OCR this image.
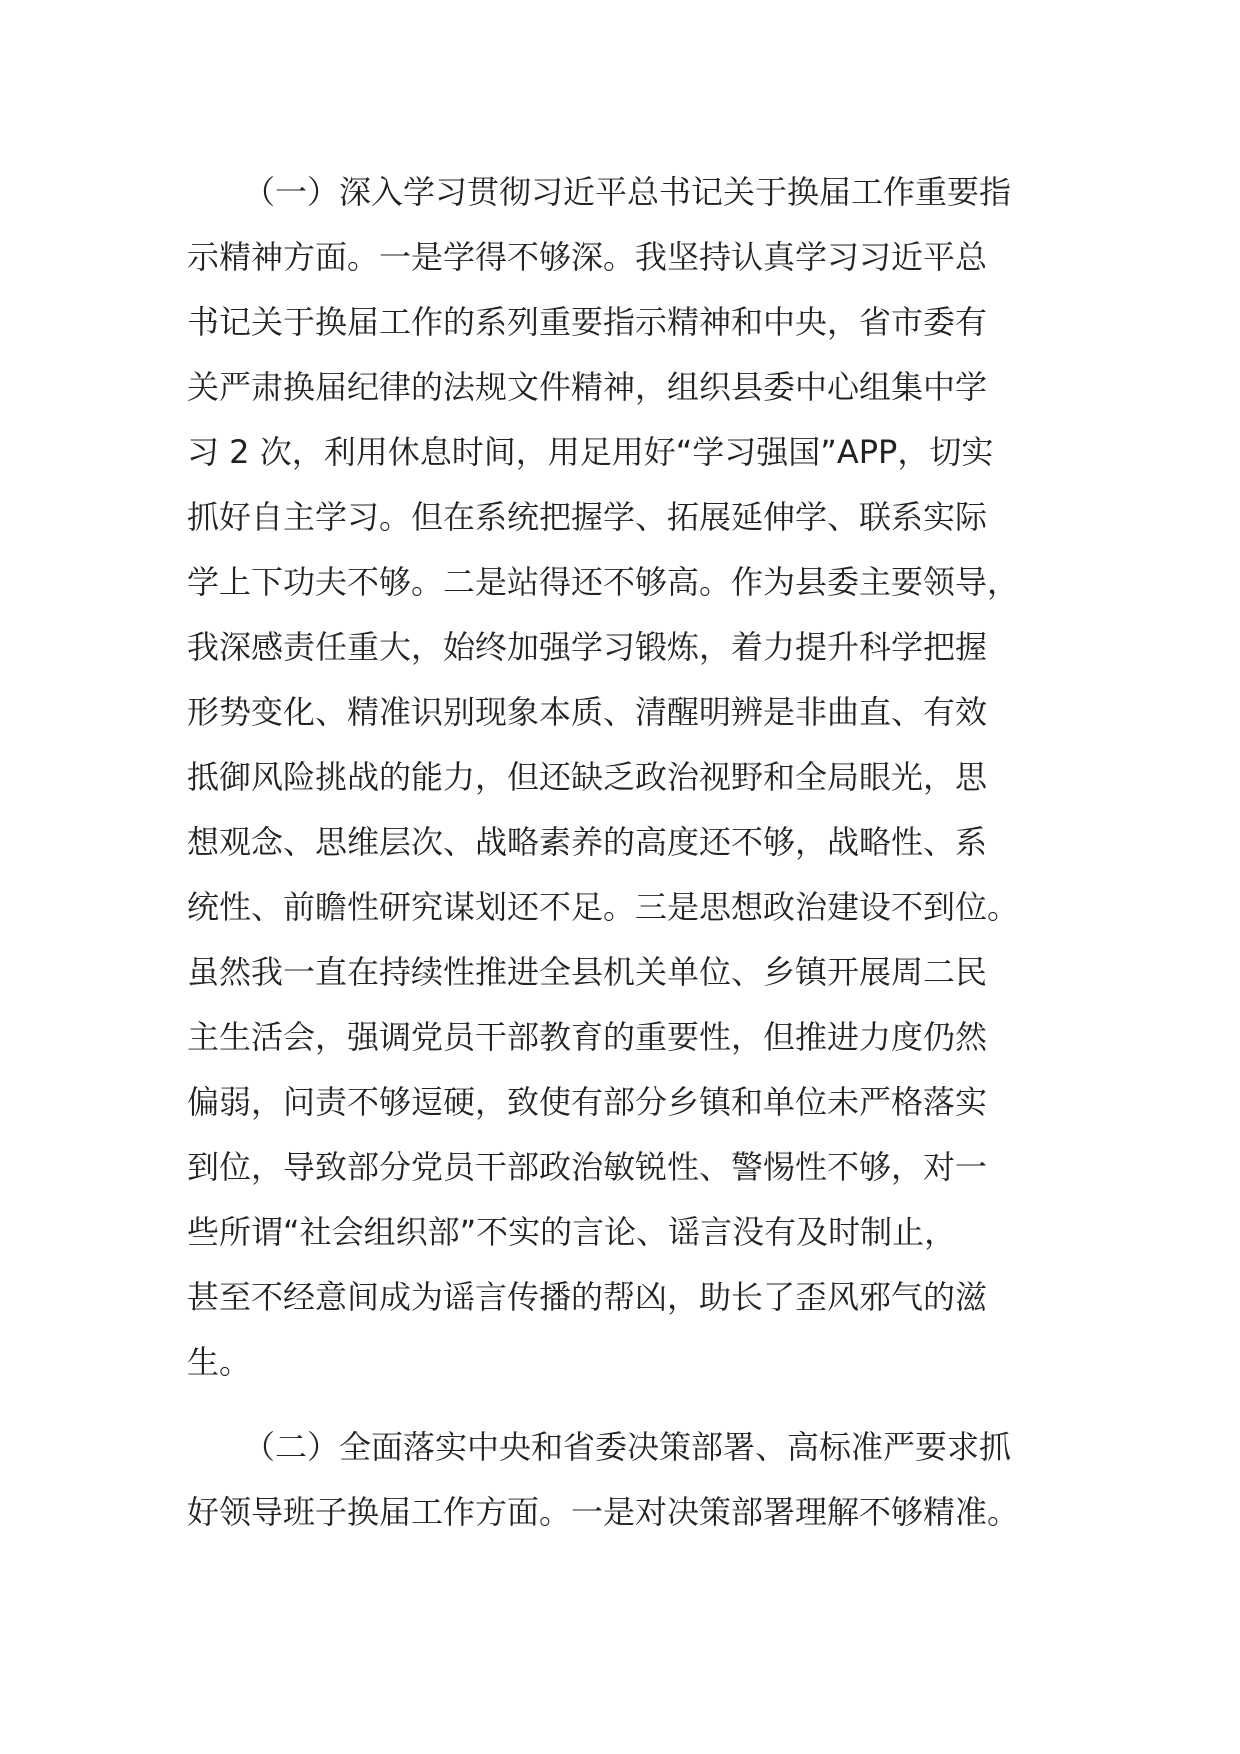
（一）深入学习贯彻习近平总书记关于换届工作重要指
示精神方面。一是学得不够深。我坚持认真学习习近平总
书记关于换届工作的系列重要指示精神和中央，省市委有
关严肃换届纪律的法规文件精神，组织县委中心组集中学
习 2 次，利用休息时间，用足用好“学习强国”APP，切实
抓好自主学习。但在系统把握学、拓展延伸学、联系实际
学上下功夫不够。二是站得还不够高。作为县委主要领导，
我深感责任重大，始终加强学习锻炼，着力提升科学把握
形势变化、精准识别现象本质、清醒明辨是非曲直、有效
抵御风险挑战的能力，但还缺乏政治视野和全局眼光，思
想观念、思维层次、战略素养的高度还不够，战略性、系
统性、前瞻性研究谋划还不足。三是思想政治建设不到位。
虽然我一直在持续性推进全县机关单位、乡镇开展周二民
主生活会，强调党员干部教育的重要性，但推进力度仍然
偏弱，问责不够逗硬，致使有部分乡镇和单位未严格落实
到位，导致部分党员干部政治敏锐性、警惕性不够，对一
些所谓“社会组织部”不实的言论、谣言没有及时制止，
甚至不经意间成为谣言传播的帮凶，助长了歪风邪气的滋
生。
（二）全面落实中央和省委决策部署、高标准严要求抓
好领导班子换届工作方面。一是对决策部署理解不够精准。
